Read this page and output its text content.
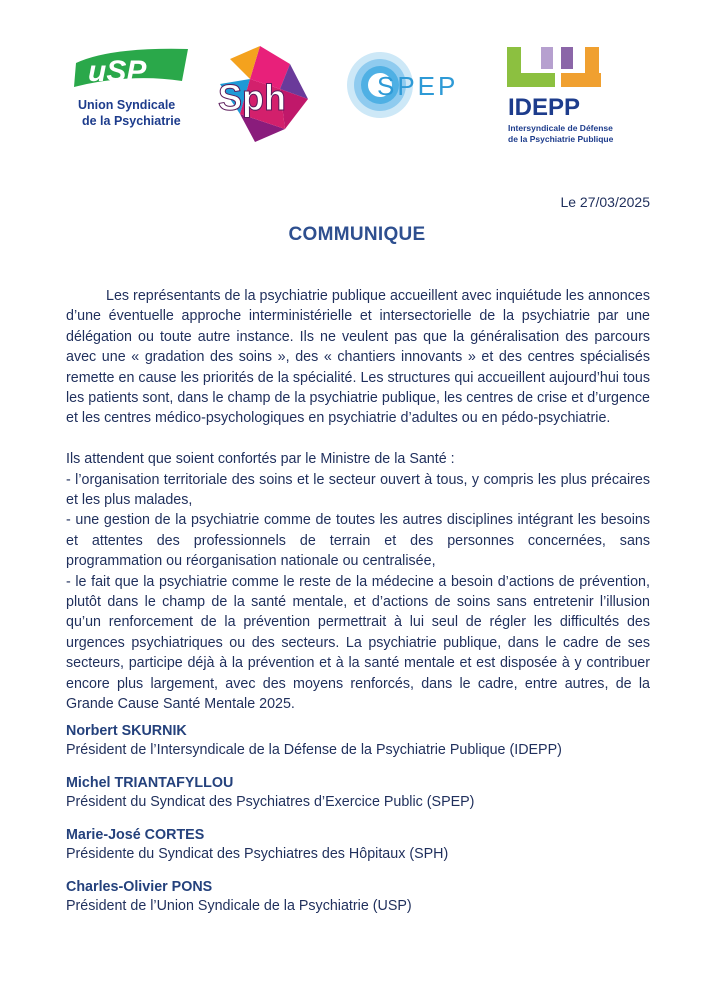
uSP
Union Syndicale
de la Psychiatrie
Sph	SPEP
IDEPP
Intersyndicale de Défense
de la Psychiatrie Publique
Le 27/03/2025
COMMUNIQUE

Les représentants de la psychiatrie publique accueillent avec inquiétude les annonces d’une éventuelle approche interministérielle et intersectorielle de la psychiatrie par une délégation ou toute autre instance. Ils ne veulent pas que la généralisation des parcours avec une « gradation des soins », des « chantiers innovants » et des centres spécialisés remette en cause les priorités de la spécialité. Les structures qui accueillent aujourd’hui tous les patients sont, dans le champ de la psychiatrie publique, les centres de crise et d’urgence et les centres médico-psychologiques en psychiatrie d’adultes ou en pédo-psychiatrie.

Ils attendent que soient confortés par le Ministre de la Santé :

- l’organisation territoriale des soins et le secteur ouvert à tous, y compris les plus précaires et les plus malades,

- une gestion de la psychiatrie comme de toutes les autres disciplines intégrant les besoins et attentes des professionnels de terrain et des personnes concernées, sans programmation ou réorganisation nationale ou centralisée,

- le fait que la psychiatrie comme le reste de la médecine a besoin d’actions de prévention, plutôt dans le champ de la santé mentale, et d’actions de soins sans entretenir l’illusion qu’un renforcement de la prévention permettrait à lui seul de régler les difficultés des urgences psychiatriques ou des secteurs. La psychiatrie publique, dans le cadre de ses secteurs, participe déjà à la prévention et à la santé mentale et est disposée à y contribuer encore plus largement, avec des moyens renforcés, dans le cadre, entre autres, de la Grande Cause Santé Mentale 2025.

Norbert SKURNIK
Président de l’Intersyndicale de la Défense de la Psychiatrie Publique (IDEPP)
Michel TRIANTAFYLLOU
Président du Syndicat des Psychiatres d’Exercice Public (SPEP)
Marie-José CORTES
Présidente du Syndicat des Psychiatres des Hôpitaux (SPH)
Charles-Olivier PONS
Président de l’Union Syndicale de la Psychiatrie (USP)
